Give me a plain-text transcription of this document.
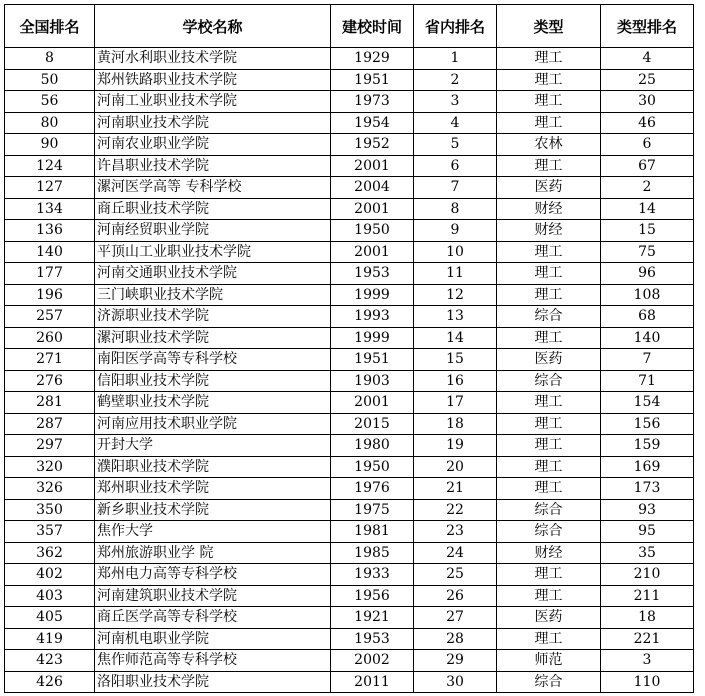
全国排名	学校名称	建校时间	省内排名	类型	类型排名
8	黄河水利职业技术学院	1929	1	理工	4
50	郑州铁路职业技术学院	1951	2	理工	25
56	河南工业职业技术学院	1973	3	理工	30
80	河南职业技术学院	1954	4	理工	46
90	河南农业职业学院	1952	5	农林	6
124	许昌职业技术学院	2001	6	理工	67
127	漯河医学高等 专科学校	2004	7	医药	2
134	商丘职业技术学院	2001	8	财经	14
136	河南经贸职业学院	1950	9	财经	15
140	平顶山工业职业技术学院	2001	10	理工	75
177	河南交通职业技术学院	1953	11	理工	96
196	三门峡职业技术学院	1999	12	理工	108
257	济源职业技术学院	1993	13	综合	68
260	漯河职业技术学院	1999	14	理工	140
271	南阳医学高等专科学校	1951	15	医药	7
276	信阳职业技术学院	1903	16	综合	71
281	鹤壁职业技术学院	2001	17	理工	154
287	河南应用技术职业学院	2015	18	理工	156
297	开封大学	1980	19	理工	159
320	濮阳职业技术学院	1950	20	理工	169
326	郑州职业技术学院	1976	21	理工	173
350	新乡职业技术学院	1975	22	综合	93
357	焦作大学	1981	23	综合	95
362	郑州旅游职业学 院	1985	24	财经	35
402	郑州电力高等专科学校	1933	25	理工	210
403	河南建筑职业技术学院	1956	26	理工	211
405	商丘医学高等专科学校	1921	27	医药	18
419	河南机电职业学院	1953	28	理工	221
423	焦作师范高等专科学校	2002	29	师范	3
426	洛阳职业技术学院	2011	30	综合	110
